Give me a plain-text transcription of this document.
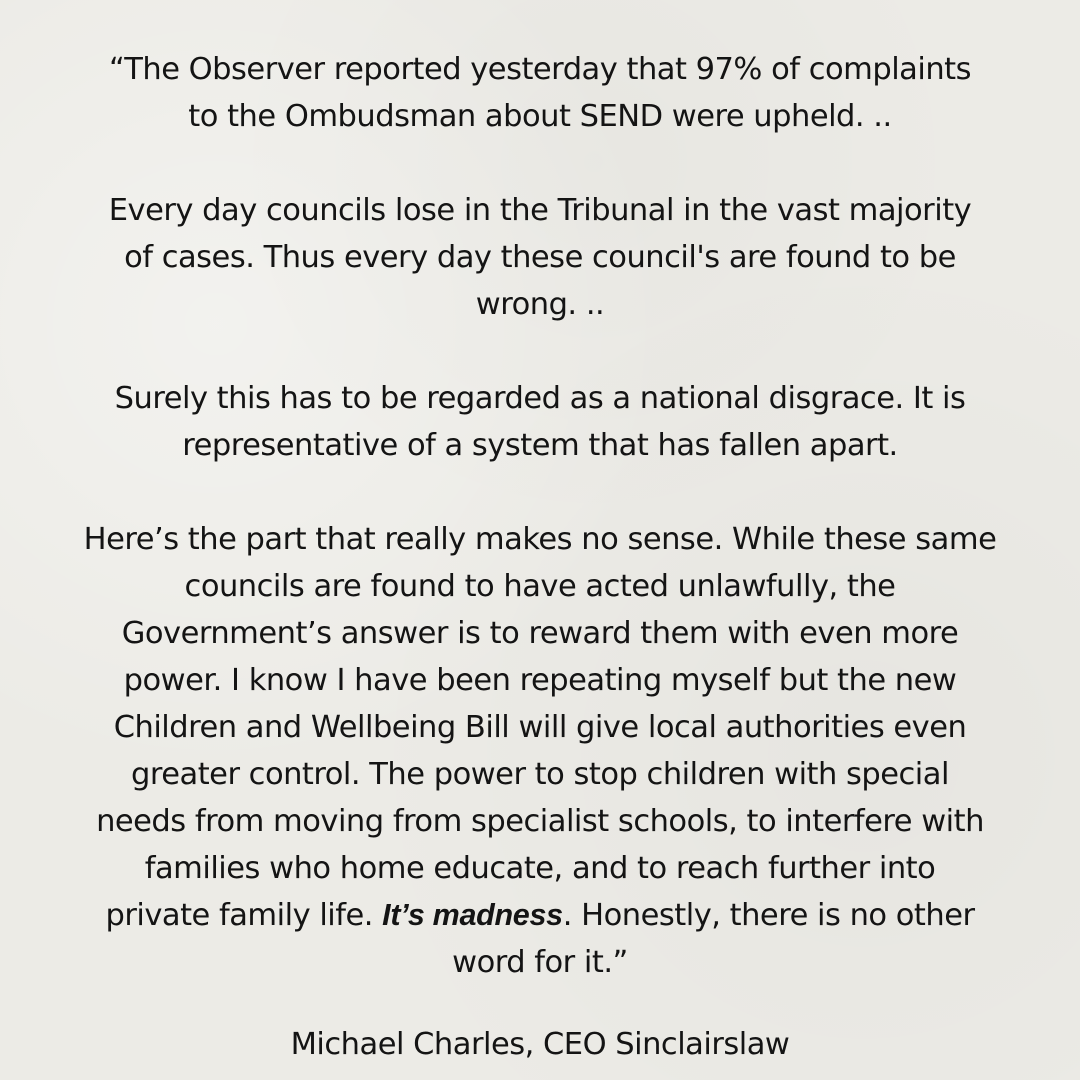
“The Observer reported yesterday that 97% of complaints

to the Ombudsman about SEND were upheld. ..

Every day councils lose in the Tribunal in the vast majority

of cases. Thus every day these council's are found to be

wrong. ..

Surely this has to be regarded as a national disgrace. It is

representative of a system that has fallen apart.

Here’s the part that really makes no sense. While these same

councils are found to have acted unlawfully, the

Government’s answer is to reward them with even more

power. I know I have been repeating myself but the new

Children and Wellbeing Bill will give local authorities even

greater control. The power to stop children with special

needs from moving from specialist schools, to interfere with

families who home educate, and to reach further into

private family life. It’s madness. Honestly, there is no other

word for it.”

Michael Charles, CEO Sinclairslaw
